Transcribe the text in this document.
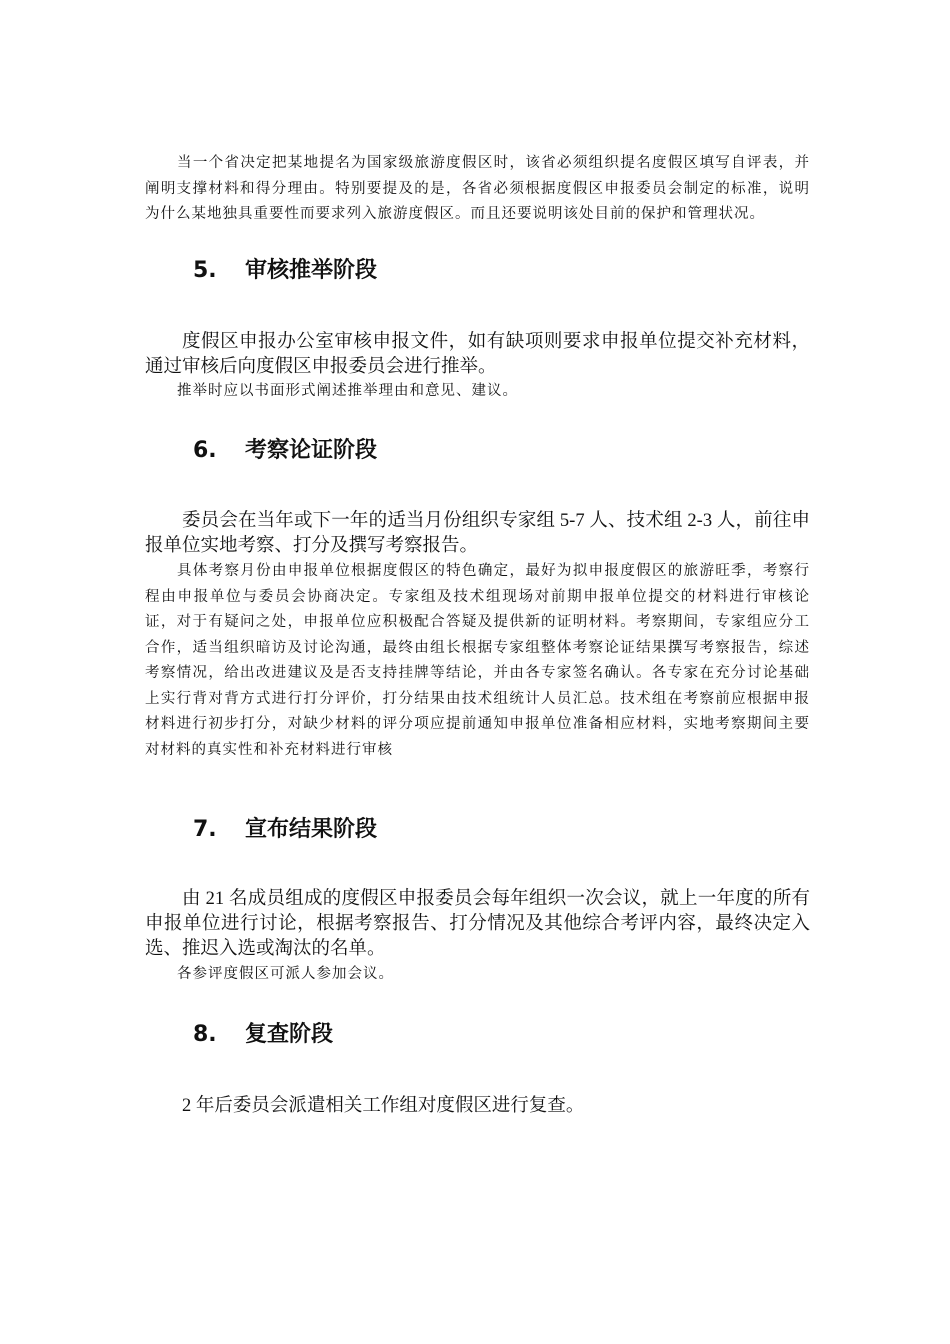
当一个省决定把某地提名为国家级旅游度假区时，该省必须组织提名度假区填写自评表，并阐明支撑材料和得分理由。特别要提及的是，各省必须根据度假区申报委员会制定的标准，说明为什么某地独具重要性而要求列入旅游度假区。而且还要说明该处目前的保护和管理状况。

5. 审核推举阶段

度假区申报办公室审核申报文件，如有缺项则要求申报单位提交补充材料，通过审核后向度假区申报委员会进行推举。

推举时应以书面形式阐述推举理由和意见、建议。

6. 考察论证阶段

委员会在当年或下一年的适当月份组织专家组 5-7 人、技术组 2-3 人，前往申报单位实地考察、打分及撰写考察报告。

具体考察月份由申报单位根据度假区的特色确定，最好为拟申报度假区的旅游旺季，考察行程由申报单位与委员会协商决定。专家组及技术组现场对前期申报单位提交的材料进行审核论证，对于有疑问之处，申报单位应积极配合答疑及提供新的证明材料。考察期间，专家组应分工合作，适当组织暗访及讨论沟通，最终由组长根据专家组整体考察论证结果撰写考察报告，综述考察情况，给出改进建议及是否支持挂牌等结论，并由各专家签名确认。各专家在充分讨论基础上实行背对背方式进行打分评价，打分结果由技术组统计人员汇总。技术组在考察前应根据申报材料进行初步打分，对缺少材料的评分项应提前通知申报单位准备相应材料，实地考察期间主要对材料的真实性和补充材料进行审核

7. 宣布结果阶段

由 21 名成员组成的度假区申报委员会每年组织一次会议，就上一年度的所有申报单位进行讨论，根据考察报告、打分情况及其他综合考评内容，最终决定入选、推迟入选或淘汰的名单。

各参评度假区可派人参加会议。

8. 复查阶段

2 年后委员会派遣相关工作组对度假区进行复查。
